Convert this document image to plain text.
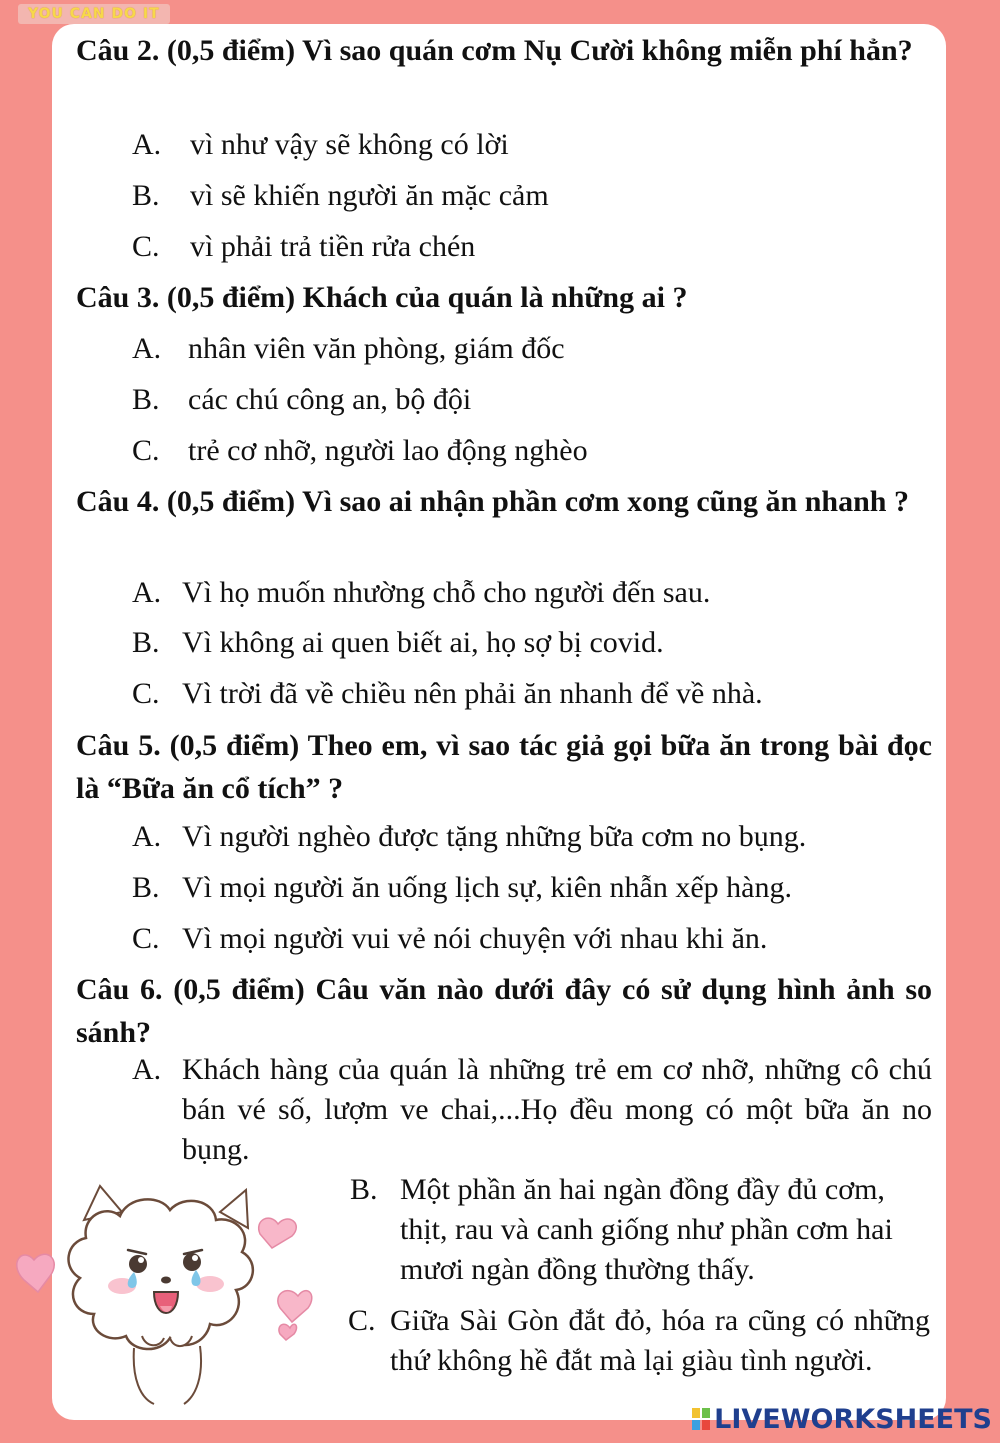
YOU CAN DO IT
Câu 2. (0,5 điểm) Vì sao quán cơm Nụ Cười không miễn phí hẳn?
A. vì như vậy sẽ không có lời
B.	vì sẽ khiến người ăn mặc cảm
C.	vì phải trả tiền rửa chén
Câu 3. (0,5 điểm) Khách của quán là những ai ?
A. nhân viên văn phòng, giám đốc
B. các chú công an, bộ đội
C. trẻ cơ nhỡ, người lao động nghèo
Câu 4. (0,5 điểm) Vì sao ai nhận phần cơm xong cũng ăn nhanh ?
A. Vì họ muốn nhường chỗ cho người đến sau.
B. Vì không ai quen biết ai, họ sợ bị covid.
C. Vì trời đã về chiều nên phải ăn nhanh để về nhà.
Câu 5. (0,5 điểm) Theo em, vì sao tác giả gọi bữa ăn trong bài đọc là “Bữa ăn cổ tích” ?
A. Vì người nghèo được tặng những bữa cơm no bụng.
B. Vì mọi người ăn uống lịch sự, kiên nhẫn xếp hàng.
C. Vì mọi người vui vẻ nói chuyện với nhau khi ăn.
Câu 6. (0,5 điểm) Câu văn nào dưới đây có sử dụng hình ảnh so sánh?
A. Khách hàng của quán là những trẻ em cơ nhỡ, những cô chú bán vé số, lượm ve chai,...Họ đều mong có một bữa ăn no bụng.
B. Một phần ăn hai ngàn đồng đầy đủ cơm, thịt, rau và canh giống như phần cơm hai mươi ngàn đồng thường thấy.
C. Giữa Sài Gòn đắt đỏ, hóa ra cũng có những thứ không hề đắt mà lại giàu tình người.
LIVEWORKSHEETS
